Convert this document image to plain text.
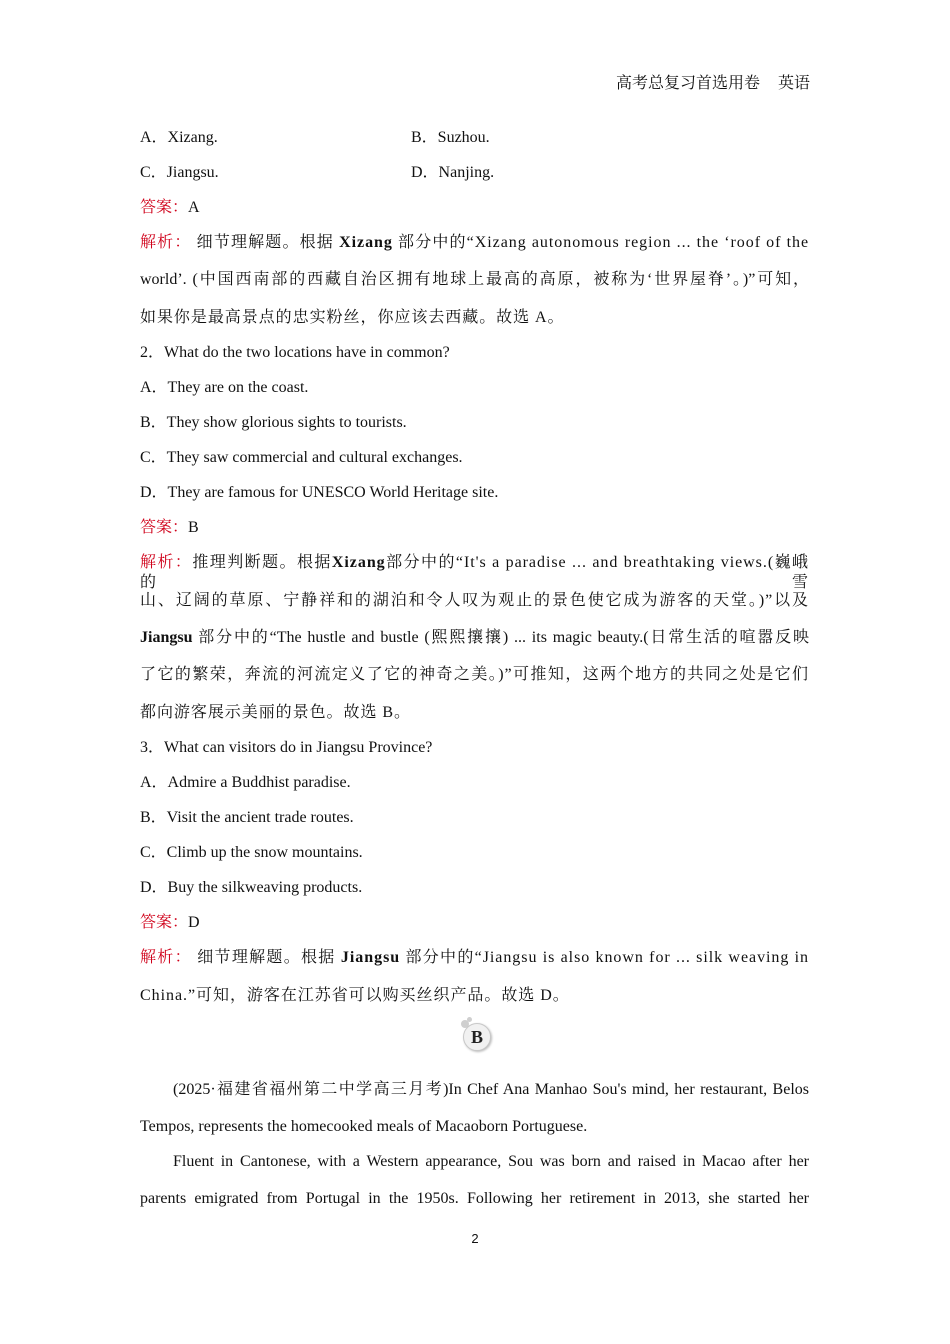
高考总复习首选用卷 英语
A．Xizang.	B．Suzhou.
C．Jiangsu.	D．Nanjing.
答案：A
解析： 细节理解题。根据 Xizang 部分中的“Xizang autonomous region ... the ‘roof of the
world’. (中国西南部的西藏自治区拥有地球上最高的高原，被称为‘世界屋脊’。)”可知，
如果你是最高景点的忠实粉丝，你应该去西藏。故选 A。
2．What do the two locations have in common?
A．They are on the coast.
B．They show glorious sights to tourists.
C．They saw commercial and cultural exchanges.
D．They are famous for UNESCO World Heritage site.
答案：B
解析：推理判断题。根据Xizang部分中的“It's a paradise ... and breathtaking views.(巍峨的雪
山、辽阔的草原、宁静祥和的湖泊和令人叹为观止的景色使它成为游客的天堂。)”以及
Jiangsu 部分中的“The hustle and bustle (熙熙攘攘) ... its magic beauty.(日常生活的喧嚣反映
了它的繁荣，奔流的河流定义了它的神奇之美。)”可推知，这两个地方的共同之处是它们
都向游客展示美丽的景色。故选 B。
3．What can visitors do in Jiangsu Province?
A．Admire a Buddhist paradise.
B．Visit the ancient trade routes.
C．Climb up the snow mountains.
D．Buy the silkweaving products.
答案：D
解析： 细节理解题。根据 Jiangsu 部分中的“Jiangsu is also known for ... silk weaving in
China.”可知，游客在江苏省可以购买丝织产品。故选 D。
B
(2025·福建省福州第二中学高三月考)In Chef Ana Manhao Sou's mind, her restaurant, Belos
Tempos, represents the homecooked meals of Macaoborn Portuguese.
Fluent in Cantonese, with a Western appearance, Sou was born and raised in Macao after her
parents emigrated from Portugal in the 1950s. Following her retirement in 2013, she started her
2
